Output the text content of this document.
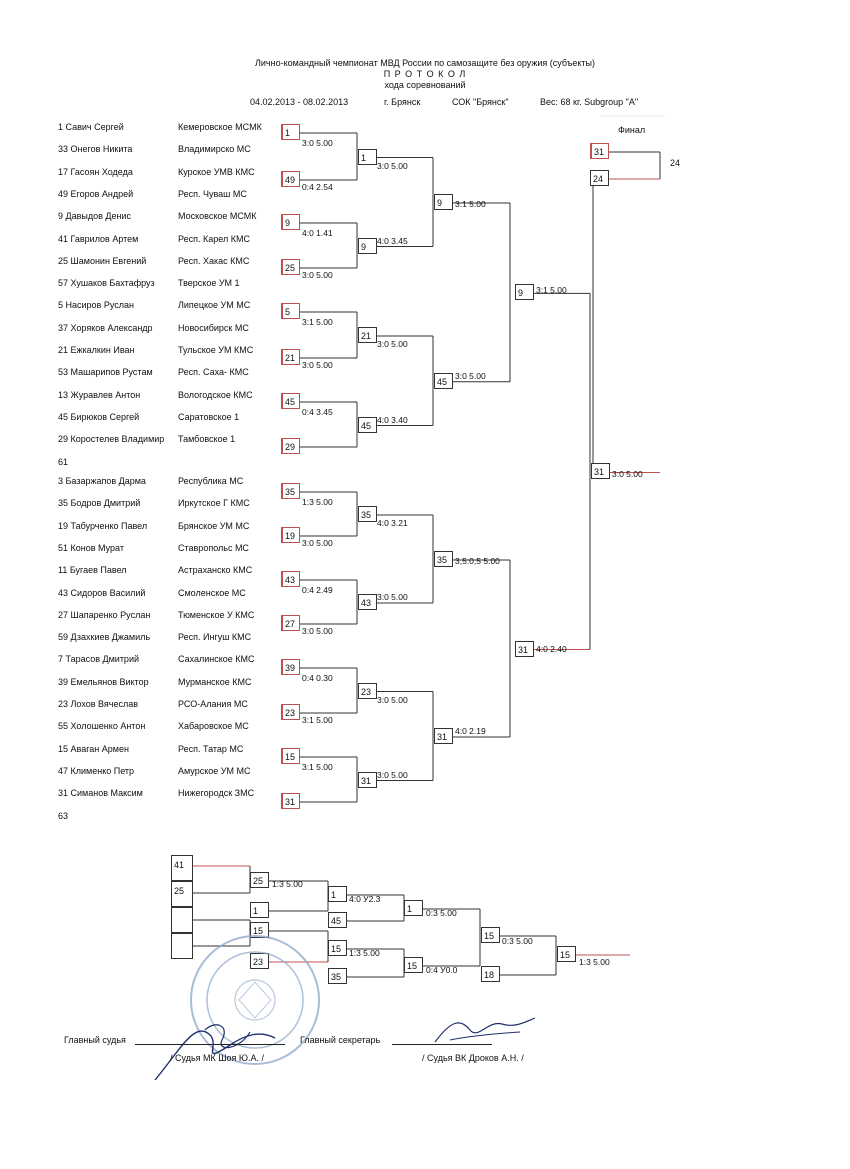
Лично-командный чемпионат МВД России по самозащите без оружия (субъекты)
П Р О Т О К О Л
хода соревнований
04.02.2013 - 08.02.2013	г. Брянск	СОК "Брянск"	Вес: 68 кг. Subgroup "A"
~~~~~~~~~~~~~~
1 Савич Сергей	Кемеровское МСМК
33 Онегов Никита	Владимирско МС
17 Гасоян Ходеда	Курское УМВ КМС
49 Егоров Андрей	Респ. Чуваш МС
9 Давыдов Денис	Московское МСМК
41 Гаврилов Артем	Респ. Карел КМС
25 Шамонин Евгений	Респ. Хакас КМС
57 Хушаков Бахтафруз	Тверское УМ 1
5 Насиров Руслан	Липецкое УМ МС
37 Хоряков Александр	Новосибирск МС
21 Ежкалкин Иван	Тульское УМ КМС
53 Машарипов Рустам	Респ. Саха- КМС
13 Журавлев Антон	Вологодское КМС
45 Бирюков Сергей	Саратовское 1
29 Коростелев Владимир Тамбовское 1
61
3 Базаржапов Дарма	Республика МС
35 Бодров Дмитрий	Иркутское Г КМС
19 Табурченко Павел	Брянское УМ МС
51 Конов Мурат	Ставропольс МС
11 Бугаев Павел	Астраханско КМС
43 Сидоров Василий	Смоленское МС
27 Шапаренко Руслан	Тюменское У КМС
59 Дзахкиев Джамиль	Респ. Ингуш КМС
7 Тарасов Дмитрий	Сахалинское КМС
39 Емельянов Виктор	Мурманское КМС
23 Лохов Вячеслав	РСО-Алания МС
55 Холошенко Антон	Хабаровское МС
15 Аваган Армен	Респ. Татар МС
47 Клименко Петр	Амурское УМ МС
31 Симанов Максим	Нижегородск ЗМС
63
1
3:0 5.00
49
0:4 2.54
9
4:0 1.41
25
3:0 5.00
5
3:1 5.00
21
3:0 5.00
45
0:4 3.45
29
35
1:3 5.00
19
3:0 5.00
43
0:4 2.49
27
3:0 5.00
39
0:4 0.30
23
3:1 5.00
15
3:1 5.00
31
1
3:0 5.00
9
4:0 3.45
21
3:0 5.00
45
4:0 3.40
35
4:0 3.21
43
3:0 5.00
23
3:0 5.00
31
3:0 5.00
9	3:1 5.00
45
3:0 5.00
35 3,5:0,5 5.00
31
4:0 2.19
9	3:1 5.00
31 4:0 2.40
31 3:0 5.00
Финал
31
24
24
41
25
25	1:3 5.00
1
15
23
1	4:0 У2.3
45
15 1:3 5.00
35
1	0:3 5.00
15	0:4 У0.0
15 0:3 5.00
18
15
1:3 5.00
Главный судья
/ Судья МК Шоя Ю.А. /
Главный секретарь
/ Судья ВК Дроков А.Н. /
